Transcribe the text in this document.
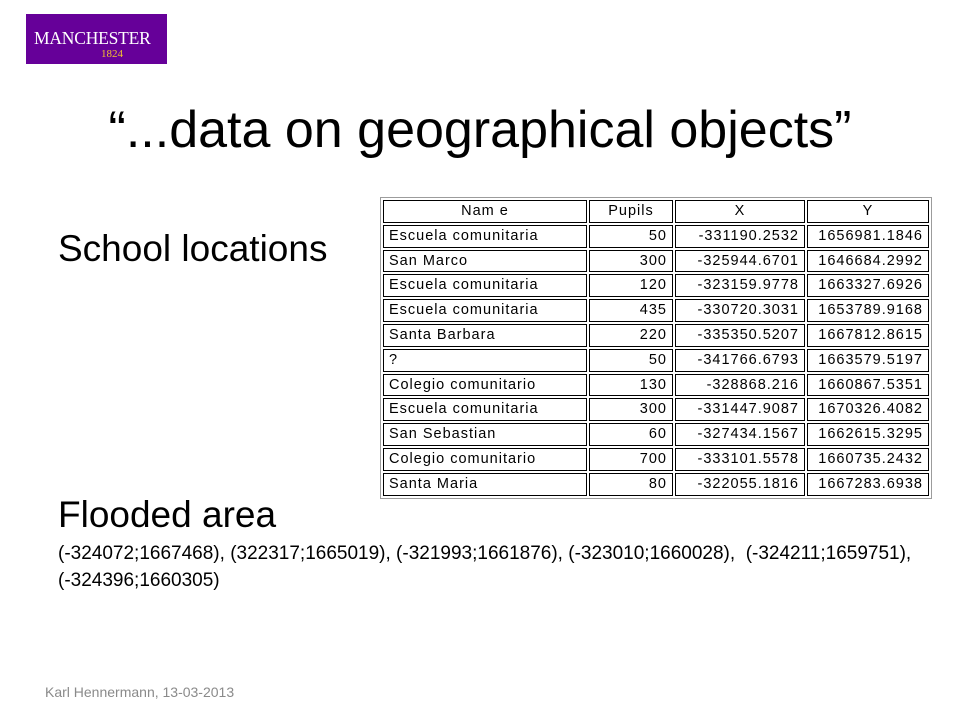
MANCHESTER
1824
“...data on geographical objects”
School locations
Nam e	Pupils	X	Y
Escuela comunitaria	50	-331190.2532	1656981.1846
San Marco	300	-325944.6701	1646684.2992
Escuela comunitaria	120	-323159.9778	1663327.6926
Escuela comunitaria	435	-330720.3031	1653789.9168
Santa Barbara	220	-335350.5207	1667812.8615
?	50	-341766.6793	1663579.5197
Colegio comunitario	130	-328868.216	1660867.5351
Escuela comunitaria	300	-331447.9087	1670326.4082
San Sebastian	60	-327434.1567	1662615.3295
Colegio comunitario	700	-333101.5578	1660735.2432
Santa Maria	80	-322055.1816	1667283.6938
Flooded area
(-324072;1667468), (322317;1665019), (-321993;1661876), (-323010;1660028),  (-324211;1659751), (-324396;1660305)
Karl Hennermann, 13-03-2013
